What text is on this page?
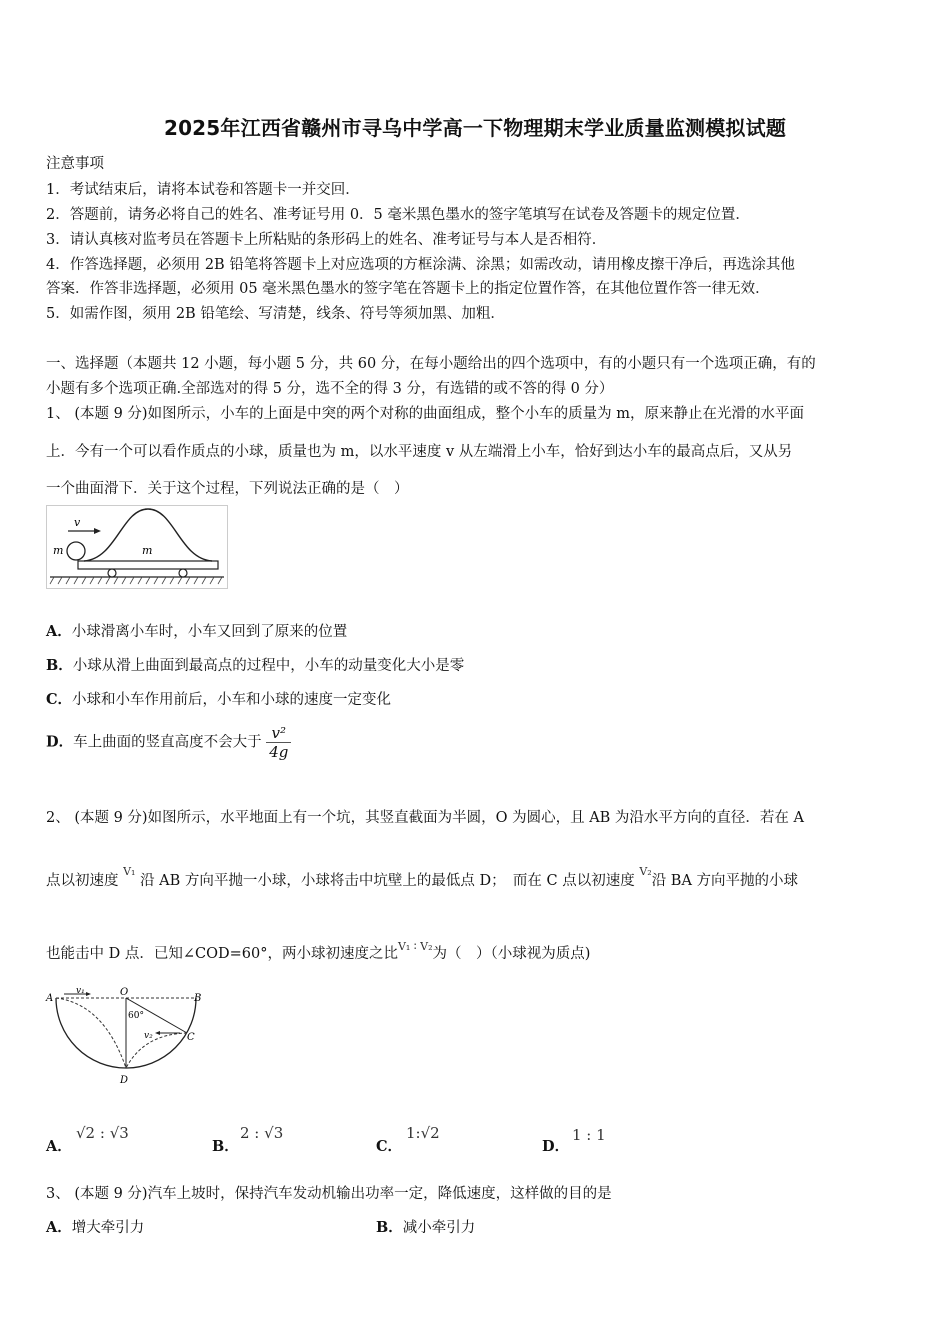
2025年江西省赣州市寻乌中学高一下物理期末学业质量监测模拟试题
注意事项
1．考试结束后，请将本试卷和答题卡一并交回．
2．答题前，请务必将自己的姓名、准考证号用 0．5 毫米黑色墨水的签字笔填写在试卷及答题卡的规定位置．
3．请认真核对监考员在答题卡上所粘贴的条形码上的姓名、准考证号与本人是否相符．
4．作答选择题，必须用 2B 铅笔将答题卡上对应选项的方框涂满、涂黑；如需改动，请用橡皮擦干净后，再选涂其他
答案．作答非选择题，必须用 05 毫米黑色墨水的签字笔在答题卡上的指定位置作答，在其他位置作答一律无效．
5．如需作图，须用 2B 铅笔绘、写清楚，线条、符号等须加黑、加粗．
一、选择题（本题共 12 小题，每小题 5 分，共 60 分，在每小题给出的四个选项中，有的小题只有一个选项正确，有的
小题有多个选项正确.全部选对的得 5 分，选不全的得 3 分，有选错的或不答的得 0 分）
1、 (本题 9 分)如图所示，小车的上面是中突的两个对称的曲面组成，整个小车的质量为 m，原来静止在光滑的水平面
上．今有一个可以看作质点的小球，质量也为 m，以水平速度 v 从左端滑上小车，恰好到达小车的最高点后，又从另
一个曲面滑下．关于这个过程，下列说法正确的是（　）
v
m	m
A．小球滑离小车时，小车又回到了原来的位置
B．小球从滑上曲面到最高点的过程中，小车的动量变化大小是零
C．小球和小车作用前后，小车和小球的速度一定变化
D．车上曲面的竖直高度不会大于 $\frac{\text{v²}}{4g}$
2、 (本题 9 分)如图所示，水平地面上有一个坑，其竖直截面为半圆，O 为圆心，且 AB 为沿水平方向的直径．若在 A
点以初速度 $^{V_1}$ 沿 AB 方向平抛一小球，小球将击中坑壁上的最低点 D；　而在 C 点以初速度 $^{V_2}$沿 BA 方向平抛的小球
也能击中 D 点．已知∠COD=60°，两小球初速度之比$^{V_1 ∶ V_2}$为（　）（小球视为质点)
A	B
O
C
D
v₁
v₂
60°
A．
√2 : √3
B．
2 : √3
C．
1:√2
D．
1 : 1
3、 (本题 9 分)汽车上坡时，保持汽车发动机输出功率一定，降低速度，这样做的目的是
A．增大牵引力	B．减小牵引力
